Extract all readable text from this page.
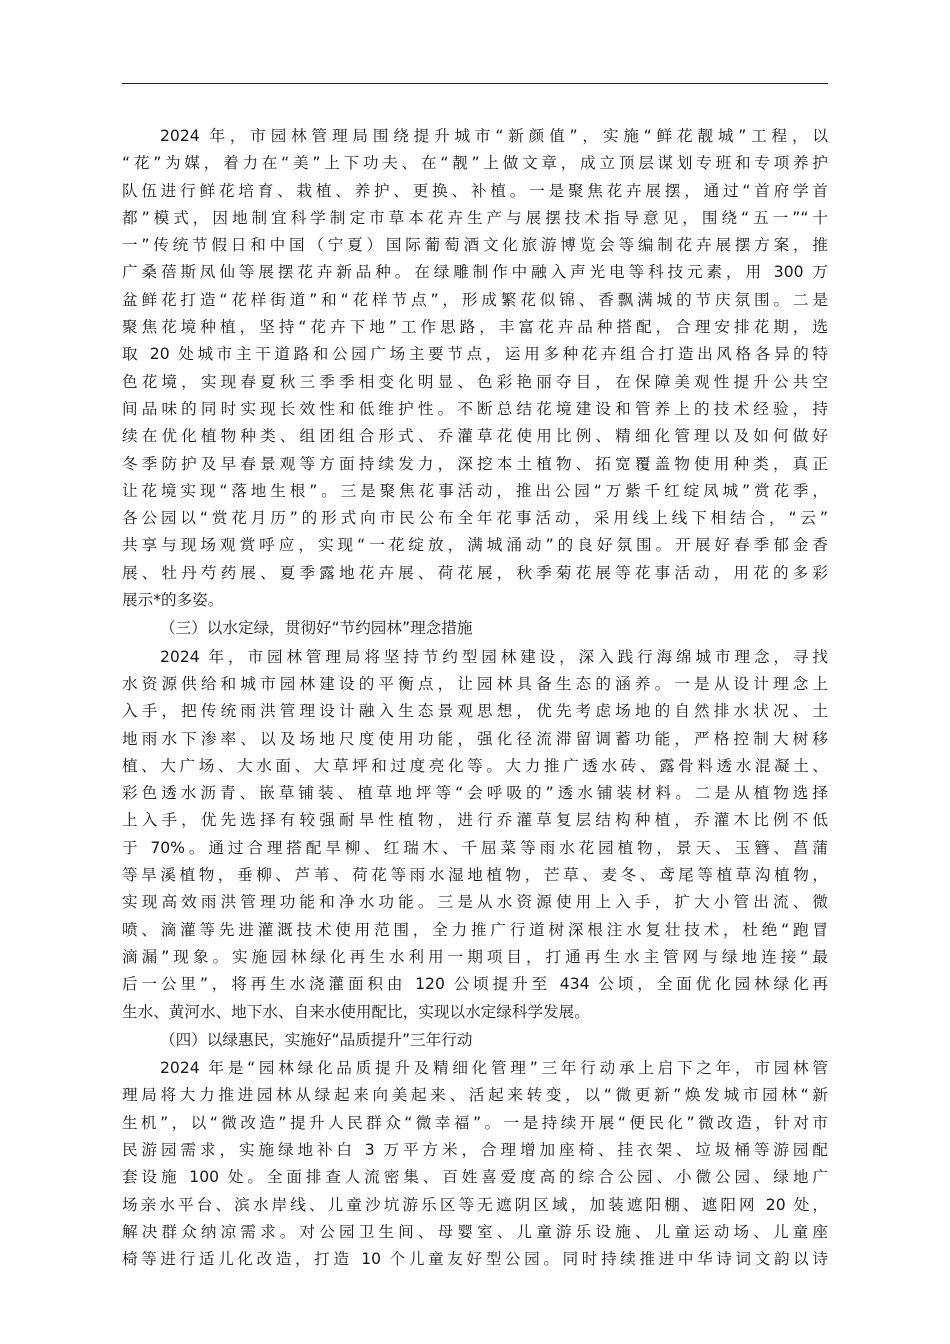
2024 年，市园林管理局围绕提升城市“新颜值”，实施“鲜花靓城”工程，以
“花”为媒，着力在“美”上下功夫、在“靓”上做文章，成立顶层谋划专班和专项养护
队伍进行鲜花培育、栽植、养护、更换、补植。一是聚焦花卉展摆，通过“首府学首
都”模式，因地制宜科学制定市草本花卉生产与展摆技术指导意见，围绕“五一”“十
一”传统节假日和中国（宁夏）国际葡萄酒文化旅游博览会等编制花卉展摆方案，推
广桑蓓斯凤仙等展摆花卉新品种。在绿雕制作中融入声光电等科技元素，用 300 万
盆鲜花打造“花样街道”和“花样节点”，形成繁花似锦、香飘满城的节庆氛围。二是
聚焦花境种植，坚持“花卉下地”工作思路，丰富花卉品种搭配，合理安排花期，选
取 20 处城市主干道路和公园广场主要节点，运用多种花卉组合打造出风格各异的特
色花境，实现春夏秋三季季相变化明显、色彩艳丽夺目，在保障美观性提升公共空
间品味的同时实现长效性和低维护性。不断总结花境建设和管养上的技术经验，持
续在优化植物种类、组团组合形式、乔灌草花使用比例、精细化管理以及如何做好
冬季防护及早春景观等方面持续发力，深挖本土植物、拓宽覆盖物使用种类，真正
让花境实现“落地生根”。三是聚焦花事活动，推出公园“万紫千红绽凤城”赏花季，
各公园以“赏花月历”的形式向市民公布全年花事活动，采用线上线下相结合，“云”
共享与现场观赏呼应，实现“一花绽放，满城涌动”的良好氛围。开展好春季郁金香
展、牡丹芍药展、夏季露地花卉展、荷花展，秋季菊花展等花事活动，用花的多彩
展示*的多姿。

（三）以水定绿，贯彻好“节约园林”理念措施

2024 年，市园林管理局将坚持节约型园林建设，深入践行海绵城市理念，寻找
水资源供给和城市园林建设的平衡点，让园林具备生态的涵养。一是从设计理念上
入手，把传统雨洪管理设计融入生态景观思想，优先考虑场地的自然排水状况、土
地雨水下渗率、以及场地尺度使用功能，强化径流滞留调蓄功能，严格控制大树移
植、大广场、大水面、大草坪和过度亮化等。大力推广透水砖、露骨料透水混凝土、
彩色透水沥青、嵌草铺装、植草地坪等“会呼吸的”透水铺装材料。二是从植物选择
上入手，优先选择有较强耐旱性植物，进行乔灌草复层结构种植，乔灌木比例不低
于 70%。通过合理搭配旱柳、红瑞木、千屈菜等雨水花园植物，景天、玉簪、菖蒲
等旱溪植物，垂柳、芦苇、荷花等雨水湿地植物，芒草、麦冬、鸢尾等植草沟植物，
实现高效雨洪管理功能和净水功能。三是从水资源使用上入手，扩大小管出流、微
喷、滴灌等先进灌溉技术使用范围，全力推广行道树深根注水复壮技术，杜绝“跑冒
滴漏”现象。实施园林绿化再生水利用一期项目，打通再生水主管网与绿地连接“最
后一公里”，将再生水浇灌面积由 120 公顷提升至 434 公顷，全面优化园林绿化再
生水、黄河水、地下水、自来水使用配比，实现以水定绿科学发展。

（四）以绿惠民，实施好“品质提升”三年行动

2024 年是“园林绿化品质提升及精细化管理”三年行动承上启下之年，市园林管
理局将大力推进园林从绿起来向美起来、活起来转变，以“微更新”焕发城市园林“新
生机”，以“微改造”提升人民群众“微幸福”。一是持续开展“便民化”微改造，针对市
民游园需求，实施绿地补白 3 万平方米，合理增加座椅、挂衣架、垃圾桶等游园配
套设施 100 处。全面排查人流密集、百姓喜爱度高的综合公园、小微公园、绿地广
场亲水平台、滨水岸线、儿童沙坑游乐区等无遮阴区域，加装遮阳棚、遮阳网 20 处，
解决群众纳凉需求。对公园卫生间、母婴室、儿童游乐设施、儿童运动场、儿童座
椅等进行适儿化改造，打造 10 个儿童友好型公园。同时持续推进中华诗词文韵以诗
